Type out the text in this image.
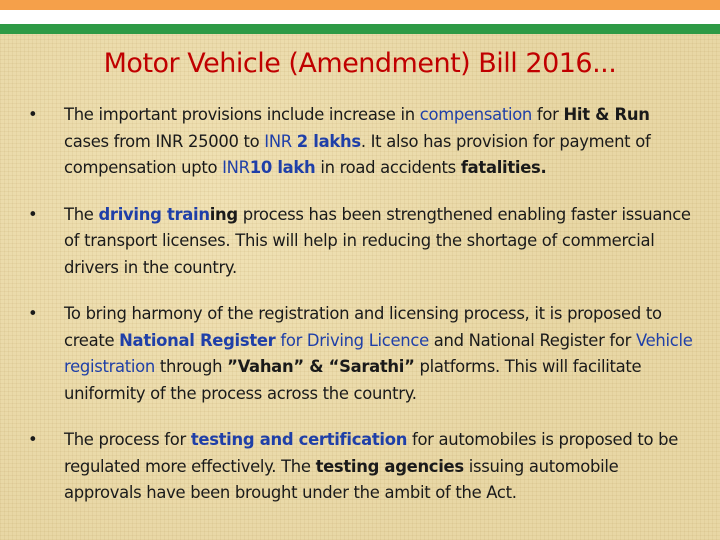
Motor Vehicle (Amendment) Bill 2016...
• The important provisions include increase in compensation for Hit & Run cases from INR 25000 to INR 2 lakhs. It also has provision for payment of compensation upto INR10 lakh in road accidents fatalities.
• The driving training process has been strengthened enabling faster issuance of transport licenses. This will help in reducing the shortage of commercial drivers in the country.
• To bring harmony of the registration and licensing process, it is proposed to create National Register for Driving Licence and National Register for Vehicle registration through ”Vahan” & “Sarathi” platforms. This will facilitate uniformity of the process across the country.
• The process for testing and certification for automobiles is proposed to be regulated more effectively. The testing agencies issuing automobile approvals have been brought under the ambit of the Act.
